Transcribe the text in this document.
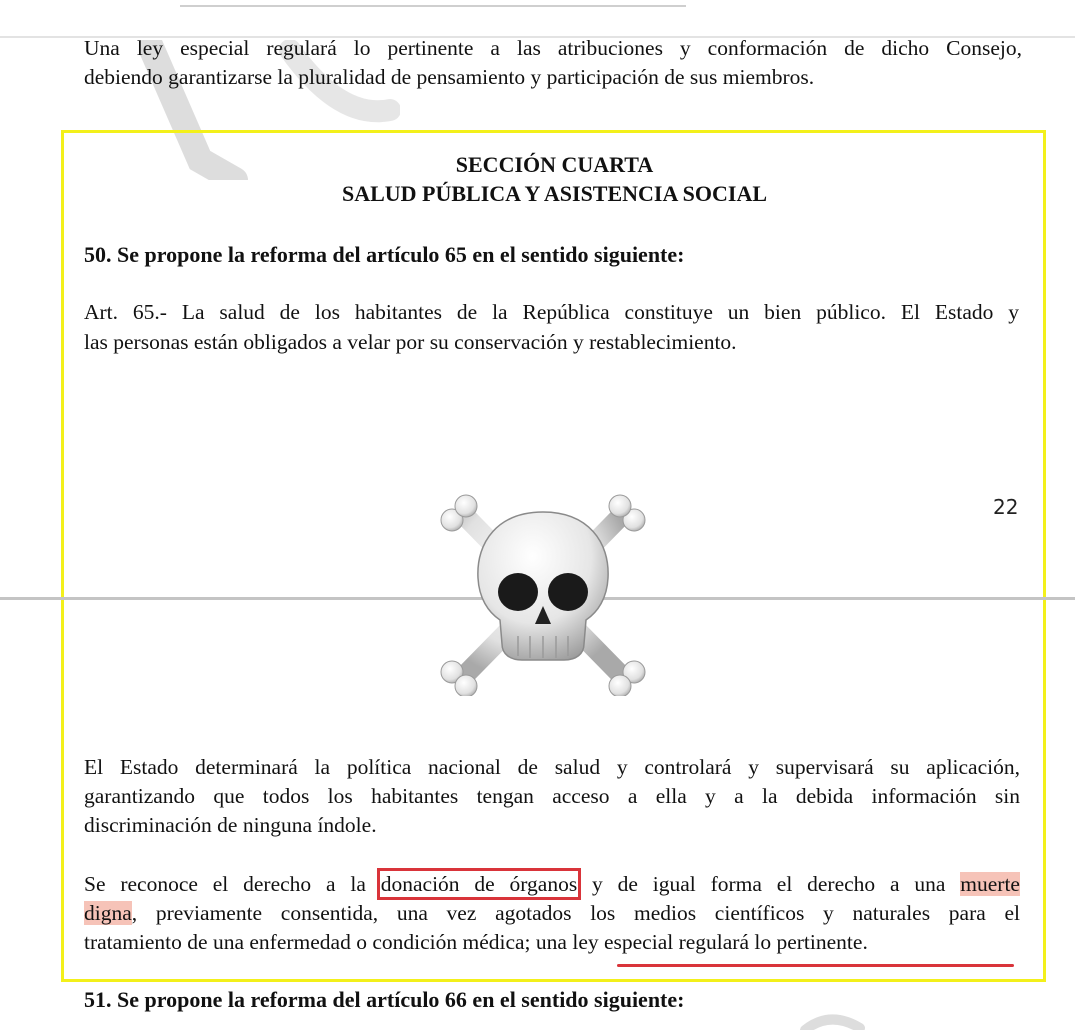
Una ley especial regulará lo pertinente a las atribuciones y conformación de dicho Consejo,
debiendo garantizarse la pluralidad de pensamiento y participación de sus miembros.
SECCIÓN CUARTA
SALUD PÚBLICA Y ASISTENCIA SOCIAL
50. Se propone la reforma del artículo 65 en el sentido siguiente:
Art. 65.- La salud de los habitantes de la República constituye un bien público. El Estado y
las personas están obligados a velar por su conservación y restablecimiento.
22
El Estado determinará la política nacional de salud y controlará y supervisará su aplicación,
garantizando que todos los habitantes tengan acceso a ella y a la debida información sin
discriminación de ninguna índole.
Se reconoce el derecho a la donación de órganos y de igual forma el derecho a una muerte
digna, previamente consentida, una vez agotados los medios científicos y naturales para el
tratamiento de una enfermedad o condición médica; una ley especial regulará lo pertinente.
51. Se propone la reforma del artículo 66 en el sentido siguiente:
